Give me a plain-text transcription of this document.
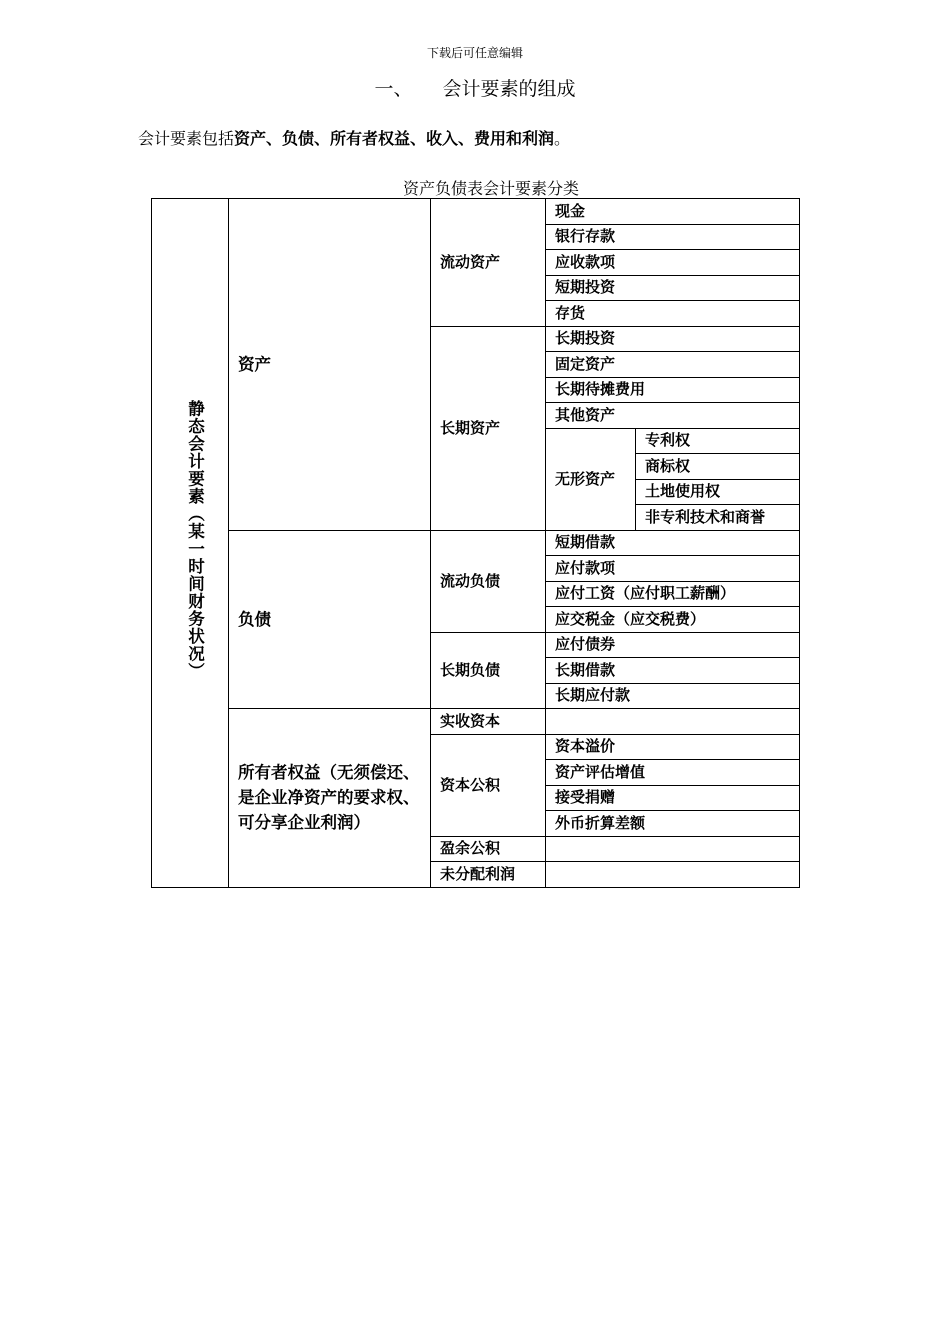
下载后可任意编辑
一、 会计要素的组成
会计要素包括资产、负债、所有者权益、收入、费用和利润。
资产负债表会计要素分类
静态会计要素（某一时间财务状况）	资产	流动资产	现金	
			银行存款	
			应收款项	
			短期投资	
			存货	
		长期资产	长期投资	
			固定资产	
			长期待摊费用	
			其他资产	
			无形资产	专利权
				商标权
				土地使用权
				非专利技术和商誉
	负债	流动负债	短期借款	
			应付款项	
			应付工资（应付职工薪酬）	
			应交税金（应交税费）	
		长期负债	应付债券	
			长期借款	
			长期应付款	
	所有者权益（无须偿还、是企业净资产的要求权、可分享企业利润）	实收资本		
		资本公积	资本溢价	
			资产评估增值	
			接受捐赠	
			外币折算差额	
		盈余公积		
		未分配利润		
